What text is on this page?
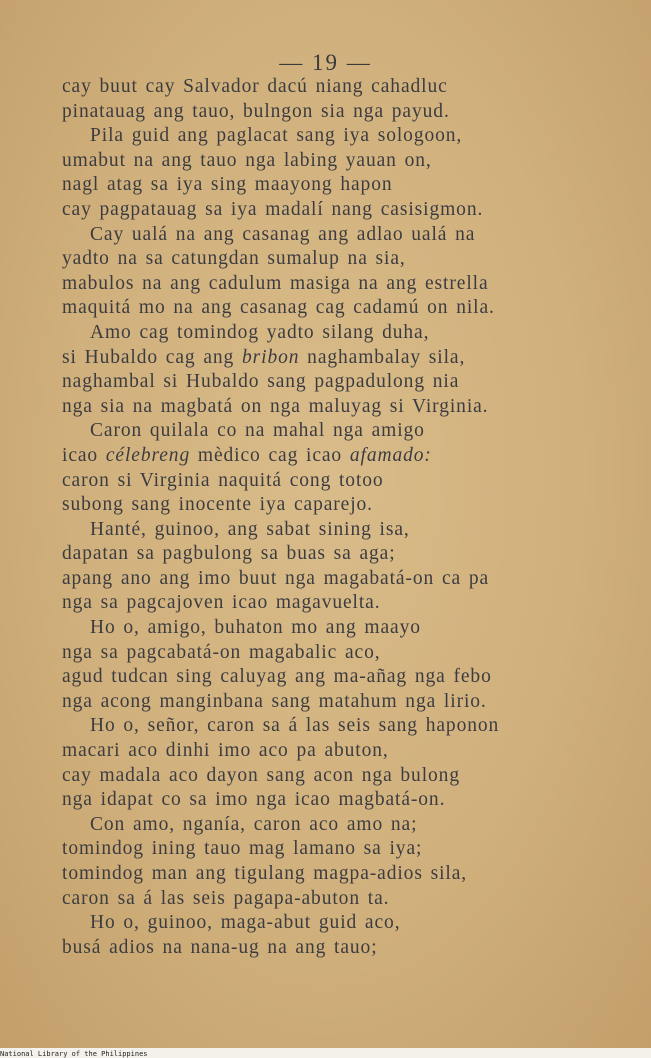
— 19 —
cay buut cay Salvador dacú niang cahadluc
pinatauag ang tauo, bulngon sia nga payud.
Pila guid ang paglacat sang iya sologoon,
umabut na ang tauo nga labing yauan on,
nagl atag sa iya sing maayong hapon
cay pagpatauag sa iya madalí nang casisigmon.
Cay ualá na ang casanag ang adlao ualá na
yadto na sa catungdan sumalup na sia,
mabulos na ang cadulum masiga na ang estrella
maquitá mo na ang casanag cag cadamú on nila.
Amo cag tomindog yadto silang duha,
si Hubaldo cag ang bribon naghambalay sila,
naghambal si Hubaldo sang pagpadulong nia
nga sia na magbatá on nga maluyag si Virginia.
Caron quilala co na mahal nga amigo
icao célebreng mèdico cag icao afamado:
caron si Virginia naquitá cong totoo
subong sang inocente iya caparejo.
Hanté, guinoo, ang sabat sining isa,
dapatan sa pagbulong sa buas sa aga;
apang ano ang imo buut nga magabatá-on ca pa
nga sa pagcajoven icao magavuelta.
Ho o, amigo, buhaton mo ang maayo
nga sa pagcabatá-on magabalic aco,
agud tudcan sing caluyag ang ma-añag nga febo
nga acong manginbana sang matahum nga lirio.
Ho o, señor, caron sa á las seis sang haponon
macari aco dinhi imo aco pa abuton,
cay madala aco dayon sang acon nga bulong
nga idapat co sa imo nga icao magbatá-on.
Con amo, nganía, caron aco amo na;
tomindog ining tauo mag lamano sa iya;
tomindog man ang tigulang magpa-adios sila,
caron sa á las seis pagapa-abuton ta.
Ho o, guinoo, maga-abut guid aco,
busá adios na nana-ug na ang tauo;
National Library of the Philippines
